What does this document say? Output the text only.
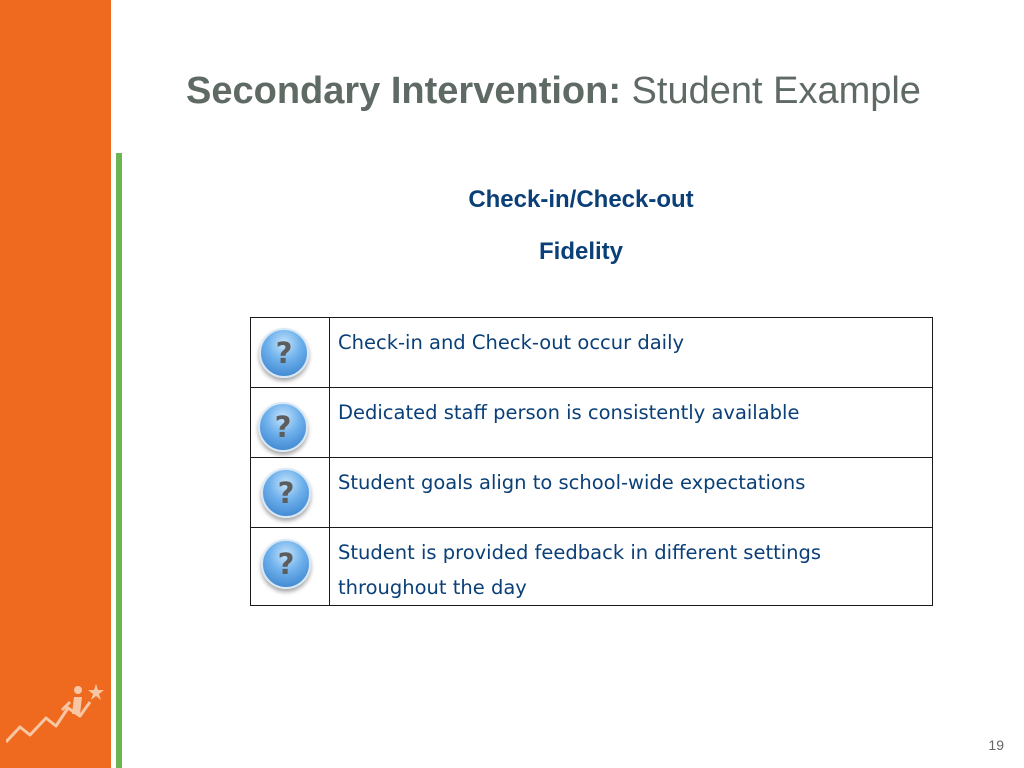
Secondary Intervention: Student Example
Check-in/Check-out
Fidelity
?	Check-in and Check-out occur daily

?	Dedicated staff person is consistently available

?	Student goals align to school-wide expectations

?	Student is provided feedback in different settings throughout the day
19
